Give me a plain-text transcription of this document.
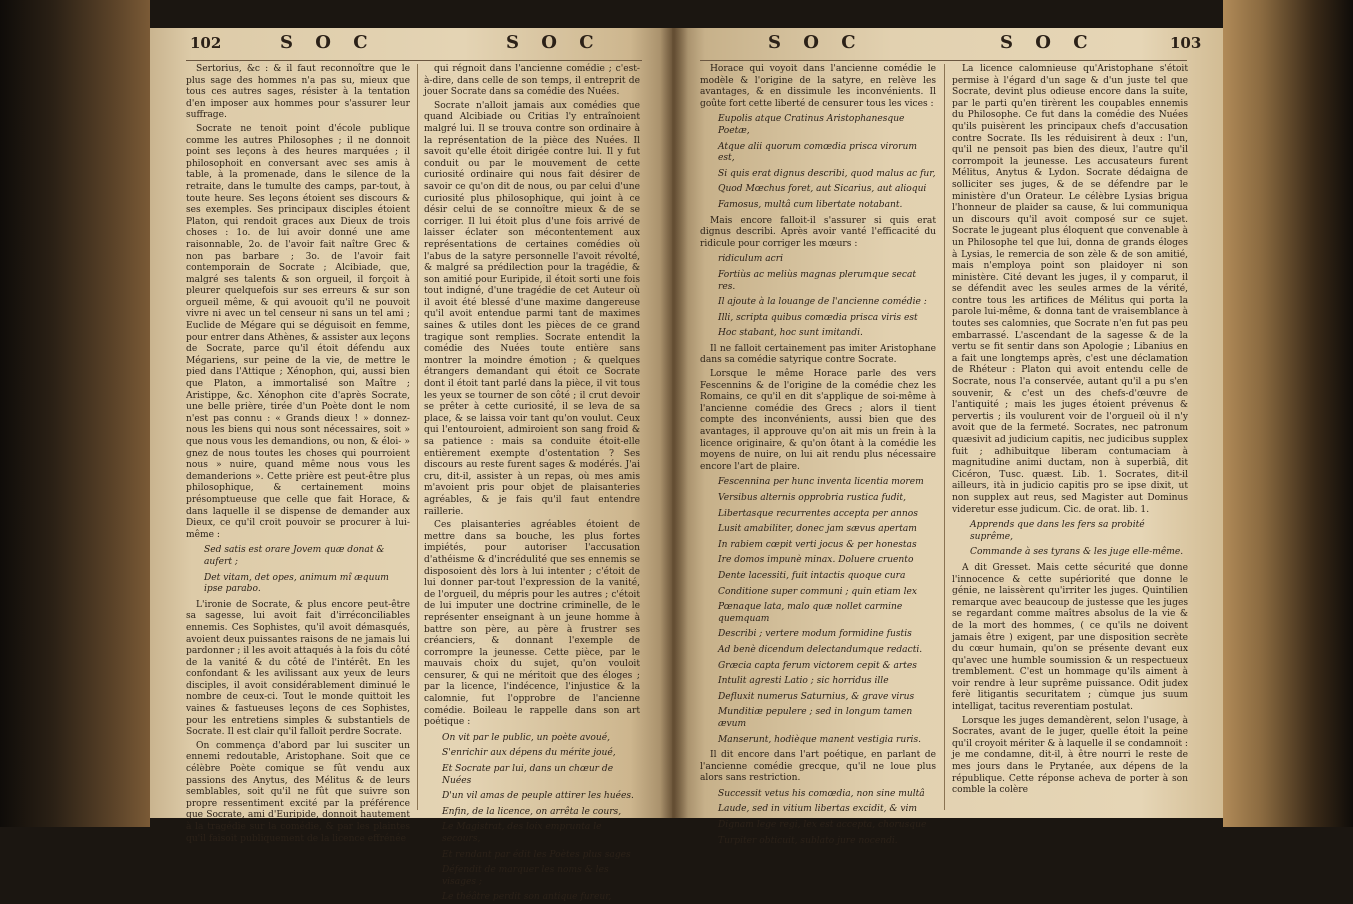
102	S O C	S O C

Sertorius, &c : & il faut reconnoître que le plus sage des hommes n'a pas su, mieux que tous ces autres sages, résister à la tentation d'en imposer aux hommes pour s'assurer leur suffrage.

Socrate ne tenoit point d'école publique comme les autres Philosophes ; il ne donnoit point ses leçons à des heures marquées ; il philosophoit en conversant avec ses amis à table, à la promenade, dans le silence de la retraite, dans le tumulte des camps, par-tout, à toute heure. Ses leçons étoient ses discours & ses exemples. Ses principaux disciples étoient Platon, qui rendoit graces aux Dieux de trois choses : 1o. de lui avoir donné une ame raisonnable, 2o. de l'avoir fait naître Grec & non pas barbare ; 3o. de l'avoir fait contemporain de Socrate ; Alcibiade, que, malgré ses talents & son orgueil, il forçoit à pleurer quelquefois sur ses erreurs & sur son orgueil même, & qui avouoit qu'il ne pouvoit vivre ni avec un tel censeur ni sans un tel ami ; Euclide de Mégare qui se déguisoit en femme, pour entrer dans Athènes, & assister aux leçons de Socrate, parce qu'il étoit défendu aux Mégariens, sur peine de la vie, de mettre le pied dans l'Attique ; Xénophon, qui, aussi bien que Platon, a immortalisé son Maître ; Aristippe, &c. Xénophon cite d'après Socrate, une belle prière, tirée d'un Poète dont le nom n'est pas connu : « Grands dieux ! » donnez-nous les biens qui nous sont nécessaires, soit » que nous vous les demandions, ou non, & éloi- » gnez de nous toutes les choses qui pourroient nous » nuire, quand même nous vous les demanderions ». Cette prière est peut-être plus philosophique, & certainement moins présomptueuse que celle que fait Horace, & dans laquelle il se dispense de demander aux Dieux, ce qu'il croit pouvoir se procurer à lui-même :

Sed satis est orare Jovem quæ donat & aufert ;

Det vitam, det opes, animum mî æquum ipse parabo.

L'ironie de Socrate, & plus encore peut-être sa sagesse, lui avoit fait d'irréconciliables ennemis. Ces Sophistes, qu'il avoit démasqués, avoient deux puissantes raisons de ne jamais lui pardonner ; il les avoit attaqués à la fois du côté de la vanité & du côté de l'intérêt. En les confondant & les avilissant aux yeux de leurs disciples, il avoit considérablement diminué le nombre de ceux-ci. Tout le monde quittoit les vaines & fastueuses leçons de ces Sophistes, pour les entretiens simples & substantiels de Socrate. Il est clair qu'il falloit perdre Socrate.

On commença d'abord par lui susciter un ennemi redoutable, Aristophane. Soit que ce célèbre Poète comique se fût vendu aux passions des Anytus, des Mélitus & de leurs semblables, soit qu'il ne fût que suivre son propre ressentiment excité par la préférence que Socrate, ami d'Euripide, donnoit hautement à la tragédie sur la comédie, & par les plaintes qu'il faisoit publiquement de la licence effrénée

qui régnoit dans l'ancienne comédie ; c'est-à-dire, dans celle de son temps, il entreprit de jouer Socrate dans sa comédie des Nuées.

Socrate n'alloit jamais aux comédies que quand Alcibiade ou Critias l'y entraînoient malgré lui. Il se trouva contre son ordinaire à la représentation de la pièce des Nuées. Il savoit qu'elle étoit dirigée contre lui. Il y fut conduit ou par le mouvement de cette curiosité ordinaire qui nous fait désirer de savoir ce qu'on dit de nous, ou par celui d'une curiosité plus philosophique, qui joint à ce désir celui de se connoître mieux & de se corriger. Il lui étoit plus d'une fois arrivé de laisser éclater son mécontentement aux représentations de certaines comédies où l'abus de la satyre personnelle l'avoit révolté, & malgré sa prédilection pour la tragédie, & son amitié pour Euripide, il étoit sorti une fois tout indigné, d'une tragédie de cet Auteur où il avoit été blessé d'une maxime dangereuse qu'il avoit entendue parmi tant de maximes saines & utiles dont les pièces de ce grand tragique sont remplies. Socrate entendit la comédie des Nuées toute entière sans montrer la moindre émotion ; & quelques étrangers demandant qui étoit ce Socrate dont il étoit tant parlé dans la pièce, il vit tous les yeux se tourner de son côté ; il crut devoir se prêter à cette curiosité, il se leva de sa place, & se laissa voir tant qu'on voulut. Ceux qui l'entouroient, admiroient son sang froid & sa patience : mais sa conduite étoit-elle entièrement exempte d'ostentation ? Ses discours au reste furent sages & modérés. J'ai cru, dit-il, assister à un repas, où mes amis m'avoient pris pour objet de plaisanteries agréables, & je fais qu'il faut entendre raillerie.

Ces plaisanteries agréables étoient de mettre dans sa bouche, les plus fortes impiétés, pour autoriser l'accusation d'athéisme & d'incrédulité que ses ennemis se disposoient dès lors à lui intenter ; c'étoit de lui donner par-tout l'expression de la vanité, de l'orgueil, du mépris pour les autres ; c'étoit de lui imputer une doctrine criminelle, de le représenter enseignant à un jeune homme à battre son père, au père à frustrer ses créanciers, & donnant l'exemple de corrompre la jeunesse. Cette pièce, par le mauvais choix du sujet, qu'on vouloit censurer, & qui ne méritoit que des éloges ; par la licence, l'indécence, l'injustice & la calomnie, fut l'opprobre de l'ancienne comédie. Boileau le rappelle dans son art poétique :

On vit par le public, un poète avoué,

S'enrichir aux dépens du mérite joué,

Et Socrate par lui, dans un chœur de Nuées

D'un vil amas de peuple attirer les huées.

Enfin, de la licence, on arrêta le cours,

Le Magistrat, des loix emprunta le secours,

Et rendant par édit les Poètes plus sages

Défendit de marquer les noms & les visages ;

Le théâtre perdit son antique fureur,

S O C	S O C	103

Horace qui voyoit dans l'ancienne comédie le modèle & l'origine de la satyre, en relève les avantages, & en dissimule les inconvénients. Il goûte fort cette liberté de censurer tous les vices :

Eupolis atque Cratinus Aristophanesque Poetæ,

Atque alii quorum comœdia prisca virorum est,

Si quis erat dignus describi, quod malus ac fur,

Quod Mœchus foret, aut Sicarius, aut alioqui

Famosus, multâ cum libertate notabant.

Mais encore falloit-il s'assurer si quis erat dignus describi. Après avoir vanté l'efficacité du ridicule pour corriger les mœurs :

ridiculum acri

Fortiùs ac meliùs magnas plerumque secat res.

Il ajoute à la louange de l'ancienne comédie :

Illi, scripta quibus comœdia prisca viris est

Hoc stabant, hoc sunt imitandi.

Il ne falloit certainement pas imiter Aristophane dans sa comédie satyrique contre Socrate.

Lorsque le même Horace parle des vers Fescennins & de l'origine de la comédie chez les Romains, ce qu'il en dit s'applique de soi-même à l'ancienne comédie des Grecs ; alors il tient compte des inconvénients, aussi bien que des avantages, il approuve qu'on ait mis un frein à la licence originaire, & qu'on ôtant à la comédie les moyens de nuire, on lui ait rendu plus nécessaire encore l'art de plaire.

Fescennina per hunc inventa licentia morem

Versibus alternis opprobria rustica fudit,

Libertasque recurrentes accepta per annos

Lusit amabiliter, donec jam sævus apertam

In rabiem cœpit verti jocus & per honestas

Ire domos impunè minax. Doluere cruento

Dente lacessiti, fuit intactis quoque cura

Conditione super communi ; quin etiam lex

Pœnaque lata, malo quæ nollet carmine quemquam

Describi ; vertere modum formidine fustis

Ad benè dicendum delectandumque redacti.

Græcia capta ferum victorem cepit & artes

Intulit agresti Latio ; sic horridus ille

Defluxit numerus Saturnius, & grave virus

Munditiæ pepulere ; sed in longum tamen ævum

Manserunt, hodièque manent vestigia ruris.

Il dit encore dans l'art poétique, en parlant de l'ancienne comédie grecque, qu'il ne loue plus alors sans restriction.

Successit vetus his comœdia, non sine multâ

Laude, sed in vitium libertas excidit, & vim

Dignam lege regi, lex est accepta, chorusque

Turpiter obticuit, sublato jure nocendi.

La licence calomnieuse qu'Aristophane s'étoit permise à l'égard d'un sage & d'un juste tel que Socrate, devint plus odieuse encore dans la suite, par le parti qu'en tirèrent les coupables ennemis du Philosophe. Ce fut dans la comédie des Nuées qu'ils puisèrent les principaux chefs d'accusation contre Socrate. Ils les réduisirent à deux : l'un, qu'il ne pensoit pas bien des dieux, l'autre qu'il corrompoit la jeunesse. Les accusateurs furent Mélitus, Anytus & Lydon. Socrate dédaigna de solliciter ses juges, & de se défendre par le ministère d'un Orateur. Le célèbre Lysias brigua l'honneur de plaider sa cause, & lui communiqua un discours qu'il avoit composé sur ce sujet. Socrate le jugeant plus éloquent que convenable à un Philosophe tel que lui, donna de grands éloges à Lysias, le remercia de son zèle & de son amitié, mais n'employa point son plaidoyer ni son ministère. Cité devant les juges, il y comparut, il se défendit avec les seules armes de la vérité, contre tous les artifices de Mélitus qui porta la parole lui-même, & donna tant de vraisemblance à toutes ses calomnies, que Socrate n'en fut pas peu embarrassé. L'ascendant de la sagesse & de la vertu se fit sentir dans son Apologie ; Libanius en a fait une longtemps après, c'est une déclamation de Rhéteur : Platon qui avoit entendu celle de Socrate, nous l'a conservée, autant qu'il a pu s'en souvenir, & c'est un des chefs-d'œuvre de l'antiquité ; mais les juges étoient prévenus & pervertis ; ils voulurent voir de l'orgueil où il n'y avoit que de la fermeté. Socrates, nec patronum quæsivit ad judicium capitis, nec judicibus supplex fuit ; adhibuitque liberam contumaciam à magnitudine animi ductam, non à superbiâ, dit Cicéron, Tusc. quæst. Lib. 1. Socrates, dit-il ailleurs, ità in judicio capitis pro se ipse dixit, ut non supplex aut reus, sed Magister aut Dominus videretur esse judicum. Cic. de orat. lib. 1.

Apprends que dans les fers sa probité suprême,

Commande à ses tyrans & les juge elle-même.

A dit Gresset. Mais cette sécurité que donne l'innocence & cette supériorité que donne le génie, ne laissèrent qu'irriter les juges. Quintilien remarque avec beaucoup de justesse que les juges se regardant comme maîtres absolus de la vie & de la mort des hommes, ( ce qu'ils ne doivent jamais être ) exigent, par une disposition secrète du cœur humain, qu'on se présente devant eux qu'avec une humble soumission & un respectueux tremblement. C'est un hommage qu'ils aiment à voir rendre à leur suprême puissance. Odit judex ferè litigantis securitatem ; cùmque jus suum intelligat, tacitus reverentiam postulat.

Lorsque les juges demandèrent, selon l'usage, à Socrates, avant de le juger, quelle étoit la peine qu'il croyoit mériter & à laquelle il se condamnoit : je me condamne, dit-il, à être nourri le reste de mes jours dans le Prytanée, aux dépens de la république. Cette réponse acheva de porter à son comble la colère
